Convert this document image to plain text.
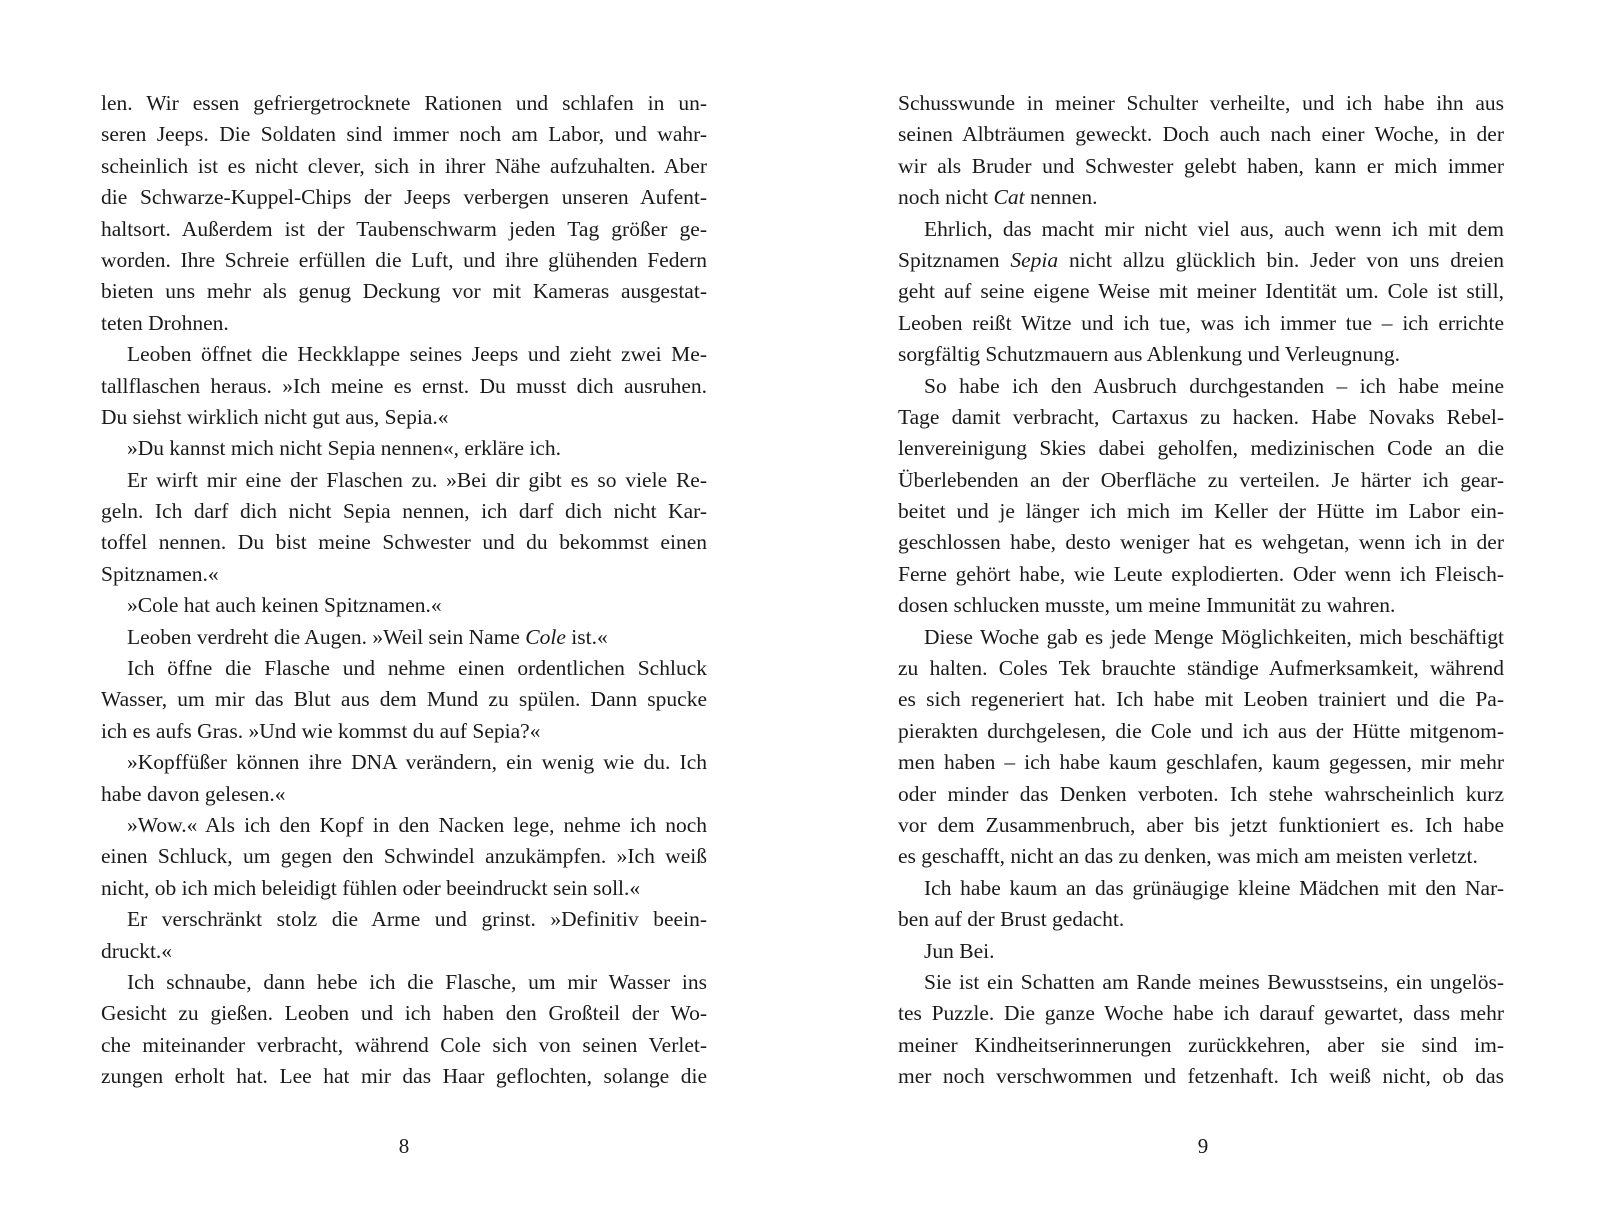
len. Wir essen gefriergetrocknete Rationen und schlafen in un-
seren Jeeps. Die Soldaten sind immer noch am Labor, und wahr-
scheinlich ist es nicht clever, sich in ihrer Nähe aufzuhalten. Aber
die Schwarze-Kuppel-Chips der Jeeps verbergen unseren Aufent-
haltsort. Außerdem ist der Taubenschwarm jeden Tag größer ge-
worden. Ihre Schreie erfüllen die Luft, und ihre glühenden Federn
bieten uns mehr als genug Deckung vor mit Kameras ausgestat-
teten Drohnen.
Leoben öffnet die Heckklappe seines Jeeps und zieht zwei Me-
tallflaschen heraus. »Ich meine es ernst. Du musst dich ausruhen.
Du siehst wirklich nicht gut aus, Sepia.«
»Du kannst mich nicht Sepia nennen«, erkläre ich.
Er wirft mir eine der Flaschen zu. »Bei dir gibt es so viele Re-
geln. Ich darf dich nicht Sepia nennen, ich darf dich nicht Kar-
toffel nennen. Du bist meine Schwester und du bekommst einen
Spitznamen.«
»Cole hat auch keinen Spitznamen.«
Leoben verdreht die Augen. »Weil sein Name Cole ist.«
Ich öffne die Flasche und nehme einen ordentlichen Schluck
Wasser, um mir das Blut aus dem Mund zu spülen. Dann spucke
ich es aufs Gras. »Und wie kommst du auf Sepia?«
»Kopffüßer können ihre DNA verändern, ein wenig wie du. Ich
habe davon gelesen.«
»Wow.« Als ich den Kopf in den Nacken lege, nehme ich noch
einen Schluck, um gegen den Schwindel anzukämpfen. »Ich weiß
nicht, ob ich mich beleidigt fühlen oder beeindruckt sein soll.«
Er verschränkt stolz die Arme und grinst. »Definitiv beein-
druckt.«
Ich schnaube, dann hebe ich die Flasche, um mir Wasser ins
Gesicht zu gießen. Leoben und ich haben den Großteil der Wo-
che miteinander verbracht, während Cole sich von seinen Verlet-
zungen erholt hat. Lee hat mir das Haar geflochten, solange die
8
Schusswunde in meiner Schulter verheilte, und ich habe ihn aus
seinen Albträumen geweckt. Doch auch nach einer Woche, in der
wir als Bruder und Schwester gelebt haben, kann er mich immer
noch nicht Cat nennen.
Ehrlich, das macht mir nicht viel aus, auch wenn ich mit dem
Spitznamen Sepia nicht allzu glücklich bin. Jeder von uns dreien
geht auf seine eigene Weise mit meiner Identität um. Cole ist still,
Leoben reißt Witze und ich tue, was ich immer tue – ich errichte
sorgfältig Schutzmauern aus Ablenkung und Verleugnung.
So habe ich den Ausbruch durchgestanden – ich habe meine
Tage damit verbracht, Cartaxus zu hacken. Habe Novaks Rebel-
lenvereinigung Skies dabei geholfen, medizinischen Code an die
Überlebenden an der Oberfläche zu verteilen. Je härter ich gear-
beitet und je länger ich mich im Keller der Hütte im Labor ein-
geschlossen habe, desto weniger hat es wehgetan, wenn ich in der
Ferne gehört habe, wie Leute explodierten. Oder wenn ich Fleisch-
dosen schlucken musste, um meine Immunität zu wahren.
Diese Woche gab es jede Menge Möglichkeiten, mich beschäftigt
zu halten. Coles Tek brauchte ständige Aufmerksamkeit, während
es sich regeneriert hat. Ich habe mit Leoben trainiert und die Pa-
pierakten durchgelesen, die Cole und ich aus der Hütte mitgenom-
men haben – ich habe kaum geschlafen, kaum gegessen, mir mehr
oder minder das Denken verboten. Ich stehe wahrscheinlich kurz
vor dem Zusammenbruch, aber bis jetzt funktioniert es. Ich habe
es geschafft, nicht an das zu denken, was mich am meisten verletzt.
Ich habe kaum an das grünäugige kleine Mädchen mit den Nar-
ben auf der Brust gedacht.
Jun Bei.
Sie ist ein Schatten am Rande meines Bewusstseins, ein ungelös-
tes Puzzle. Die ganze Woche habe ich darauf gewartet, dass mehr
meiner Kindheitserinnerungen zurückkehren, aber sie sind im-
mer noch verschwommen und fetzenhaft. Ich weiß nicht, ob das
9
